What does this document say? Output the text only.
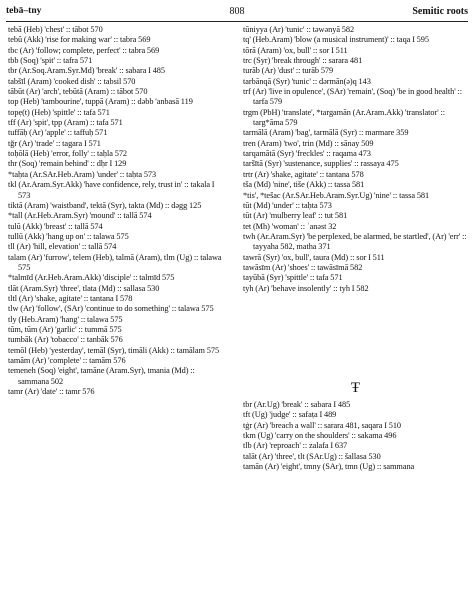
tebā–tny	808	Semitic roots

tebā (Heb) 'chest' :: tābot 570

tebû (Akk) 'rise for making war' :: tabra 569

tbc (Ar) 'follow; complete, perfect' :: tabra 569

tbb (Soq) 'spit' :: tafra 571

tbr (Ar.Soq.Aram.Syr.Md) 'break' :: sabara I 485

tabšīl (Aram) 'cooked dish' :: tabsil 570

tābūt (Ar) 'arch', tebūtā (Aram) :: tābot 570

top (Heb) 'tambourine', tuppā (Aram) :: dəbb 'anbasā 119

topẹ(t) (Heb) 'spittle' :: tafa 571

tff (Ar) 'spit', tpp (Aram) :: tafa 571

tuffāḥ (Ar) 'apple' :: taffuḥ 571

tğr (Ar) 'trade' :: tagara I 571

toḥōlā (Heb) 'error, folly' :: taḥla 572

thr (Soq) 'remain behind' :: dḥr I 129

*taḥta (Ar.SAr.Heb.Aram) 'under' :: taḥta 573

tkl (Ar.Aram.Syr.Akk) 'have confidence, rely, trust in' :: takala I 573

tiktā (Aram) 'waistband', tektā (Syr), takta (Md) :: dəgg 125

*tall (Ar.Heb.Aram.Syr) 'mound' :: tallā 574

tulū (Akk) 'breast' :: tallā 574

tullū (Akk) 'hang up on' :: talawa 575

tll (Ar) 'hill, elevation' :: tallā 574

talam (Ar) 'furrow', telem (Heb), talmā (Aram), tlm (Ug) :: talawa 575

*talmīd (Ar.Heb.Aram.Akk) 'disciple' :: talmīd 575

tlāt (Aram.Syr) 'three', tlata (Md) :: sallasa 530

tltl (Ar) 'shake, agitate' :: tantana I 578

tlw (Ar) 'follow', (SAr) 'continue to do something' :: talawa 575

tly (Heb.Aram) 'hang' :: talawa 575

tūm, tūm (Ar) 'garlic' :: tummā 575

tumbāk (Ar) 'tobacco' :: tanbāk 576

temōl (Heb) 'yesterday', temāl (Syr), timāli (Akk) :: tamālam 575

tamām (Ar) 'complete' :: tamām 576

temeneh (Soq) 'eight', tamāne (Aram.Syr), tmania (Md) :: sammana 502

tamr (Ar) 'date' :: tamr 576

tūniyya (Ar) 'tunic' :: təwənyā 582

tq' (Heb.Aram) 'blow (a musical instrument)' :: taqa I 595

tōrā (Aram) 'ox, bull' :: sor I 511

trc (Syr) 'break through' :: sarara 481

turāb (Ar) 'dust' :: turāb 579

tarbānqā (Syr) 'tunic' :: dərmān(ə)q 143

trf (Ar) 'live in opulence', (SAr) 'remain', (Soq) 'be in good health' :: tarfa 579

trgm (PbH) 'translate', *targamān (Ar.Aram.Akk) 'translator' :: targ*āma 579

tarmālā (Aram) 'bag', tarmālā (Syr) :: marmare 359

tren (Aram) 'two', trin (Md) :: sānay 509

tarqamātā (Syr) 'freckles' :: raqama 473

taršītā (Syr) 'sustenance, supplies' :: rassaya 475

trtr (Ar) 'shake, agitate' :: tantana 578

tša (Md) 'nine', tiše (Akk) :: tassa 581

*tis', *tešac (Ar.SAr.Heb.Aram.Syr.Ug) 'nine' :: tassa 581

tūt (Md) 'under' :: taḥta 573

tūt (Ar) 'mulberry leaf' :: tut 581

tet (Mh) 'woman' :: ʾanəst 32

twh (Ar.Aram.Syr) 'be perplexed, be alarmed, be startled', (Ar) 'err' :: tayyaha 582, matha 371

tawrā (Syr) 'ox, bull', taura (Md) :: sor I 511

tawāsīm (Ar) 'shoes' :: tawāsīmā 582

tayūbā (Syr) 'spittle' :: tafa 571

tyh (Ar) 'behave insolently' :: tyh I 582

Ŧ

tbr (Ar.Ug) 'break' :: sabara I 485

tft (Ug) 'judge' :: safaṭa I 489

tġr (Ar) 'breach a wall' :: sarara 481, saqara I 510

tkm (Ug) 'carry on the shoulders' :: sakama 496

tlb (Ar) 'reproach' :: zalafa I 637

talāt (Ar) 'three', tlt (SAr.Ug) :: šallasa 530

tamān (Ar) 'eight', tmny (SAr), tmn (Ug) :: sammana
